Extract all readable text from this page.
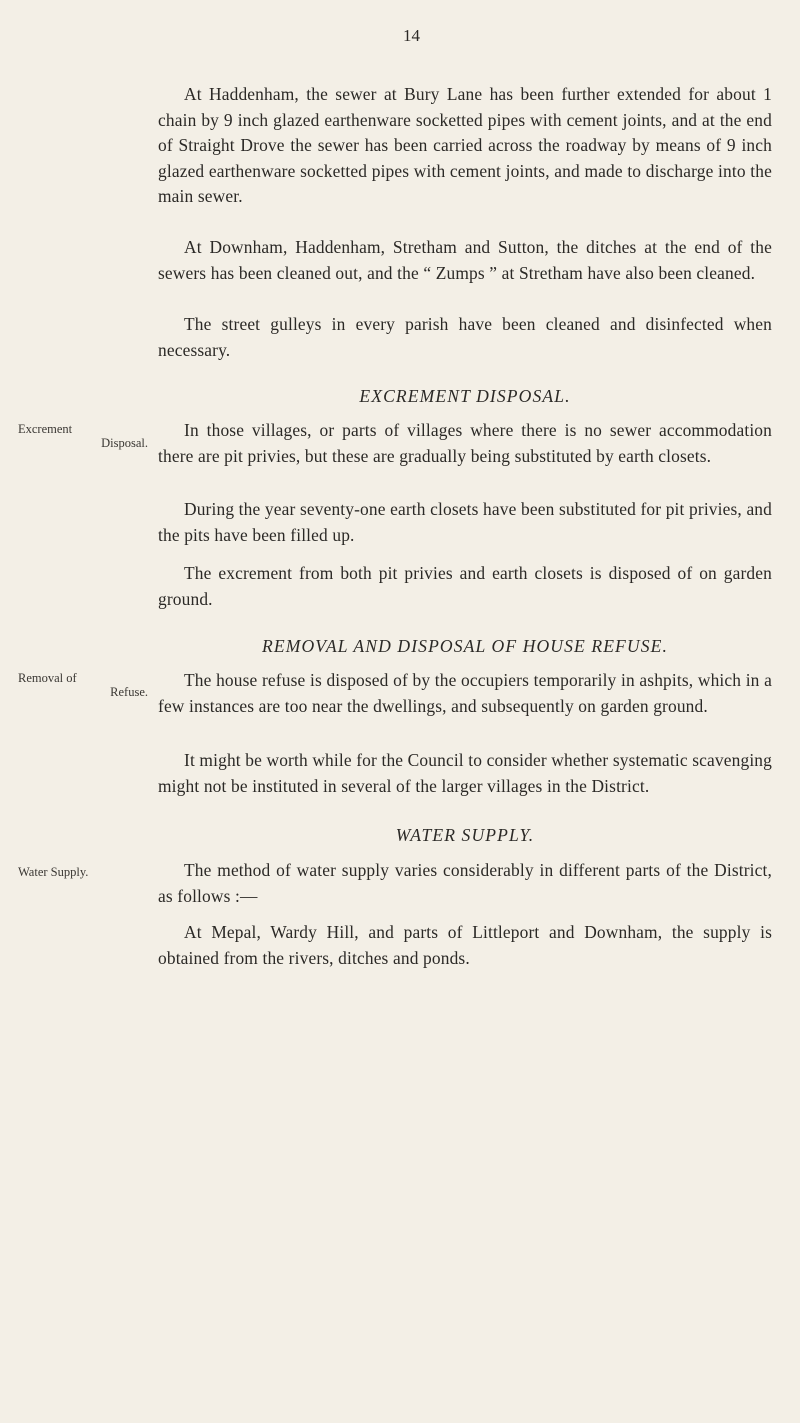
14

At Haddenham, the sewer at Bury Lane has been further extended for about 1 chain by 9 inch glazed earthenware socketted pipes with cement joints, and at the end of Straight Drove the sewer has been carried across the roadway by means of 9 inch glazed earthenware socketted pipes with cement joints, and made to discharge into the main sewer.

At Downham, Haddenham, Stretham and Sutton, the ditches at the end of the sewers has been cleaned out, and the “ Zumps ” at Stretham have also been cleaned.

The street gulleys in every parish have been cleaned and disinfected when necessary.

EXCREMENT DISPOSAL.
Excrement
Disposal.

In those villages, or parts of villages where there is no sewer accommodation there are pit privies, but these are gradually being substituted by earth closets.

During the year seventy-one earth closets have been substituted for pit privies, and the pits have been filled up.

The excrement from both pit privies and earth closets is disposed of on garden ground.

REMOVAL AND DISPOSAL OF HOUSE REFUSE.
Removal of
Refuse.

The house refuse is disposed of by the occupiers temporarily in ashpits, which in a few instances are too near the dwellings, and subsequently on garden ground.

It might be worth while for the Council to consider whether systematic scavenging might not be instituted in several of the larger villages in the District.

WATER SUPPLY.
Water Supply.	The method of water supply varies considerably in different parts of the District, as follows :—

At Mepal, Wardy Hill, and parts of Littleport and Downham, the supply is obtained from the rivers, ditches and ponds.
